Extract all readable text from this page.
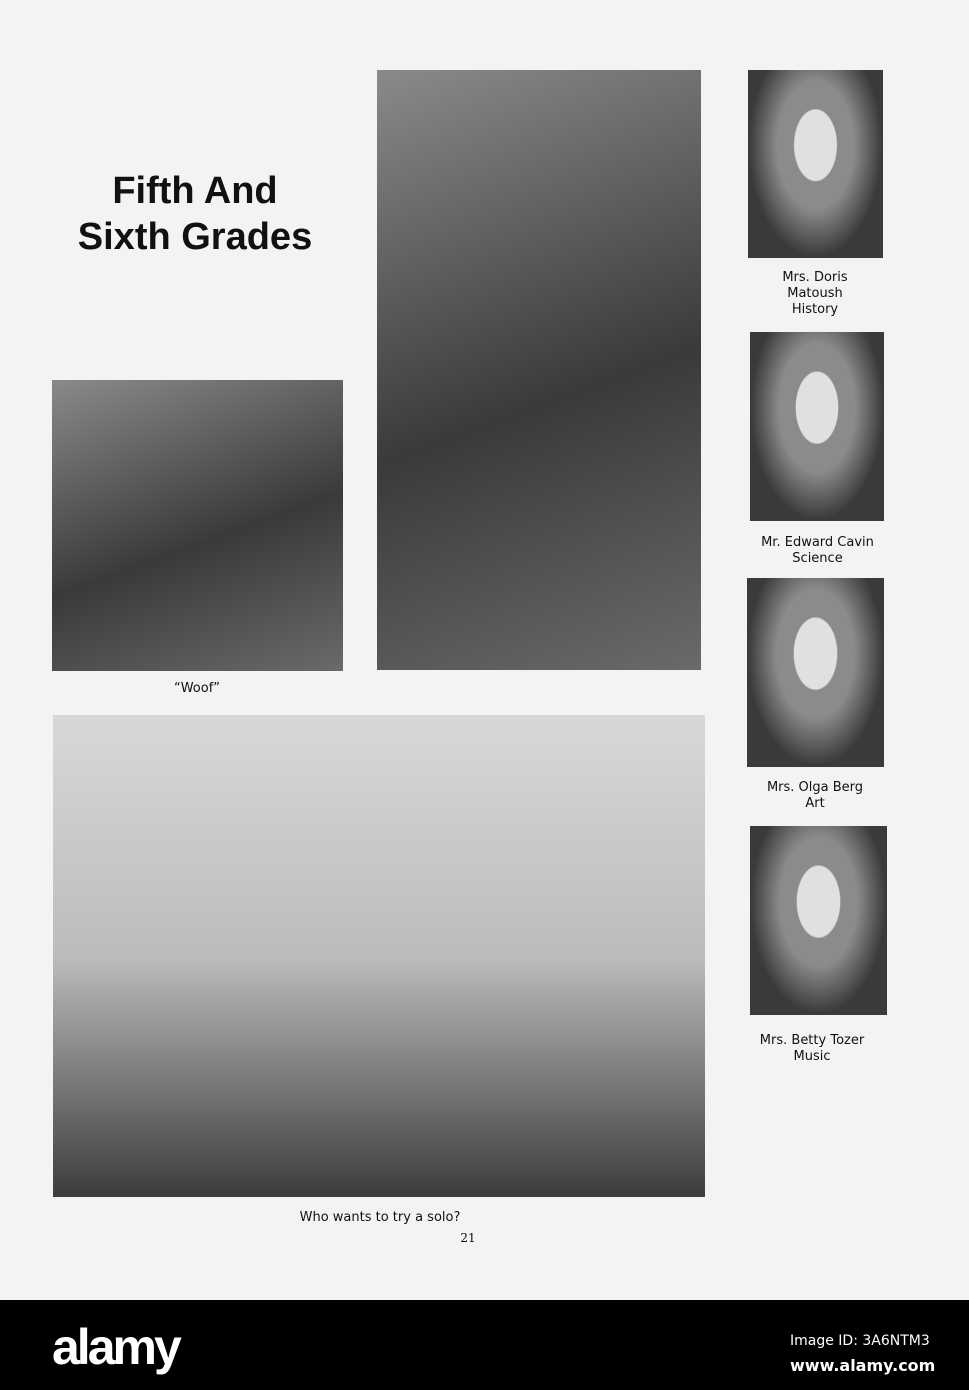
Fifth And
Sixth Grades
“Woof”
Who wants to try a solo?
21
Mrs. Doris
Matoush
History
Mr. Edward Cavin
Science
Mrs. Olga Berg
Art
Mrs. Betty Tozer
Music
alamy	Image ID: 3A6NTM3
www.alamy.com
